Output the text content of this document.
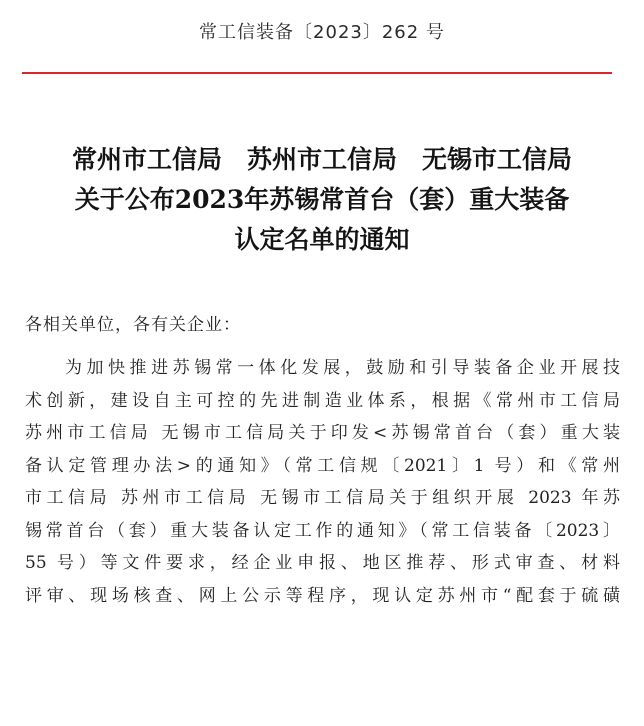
常工信装备〔2023〕262 号
常州市工信局　苏州市工信局　无锡市工信局
关于公布2023年苏锡常首台（套）重大装备
认定名单的通知
各相关单位，各有关企业：
为加快推进苏锡常一体化发展，鼓励和引导装备企业开展技
术创新，建设自主可控的先进制造业体系，根据《常州市工信局
苏州市工信局 无锡市工信局关于印发<苏锡常首台（套）重大装
备认定管理办法>的通知》（常工信规〔2021〕1 号）和《常州
市工信局 苏州市工信局 无锡市工信局关于组织开展 2023 年苏
锡常首台（套）重大装备认定工作的通知》（常工信装备〔2023〕
55 号）等文件要求，经企业申报、地区推荐、形式审查、材料
评审、现场核查、网上公示等程序，现认定苏州市“配套于硫磺
